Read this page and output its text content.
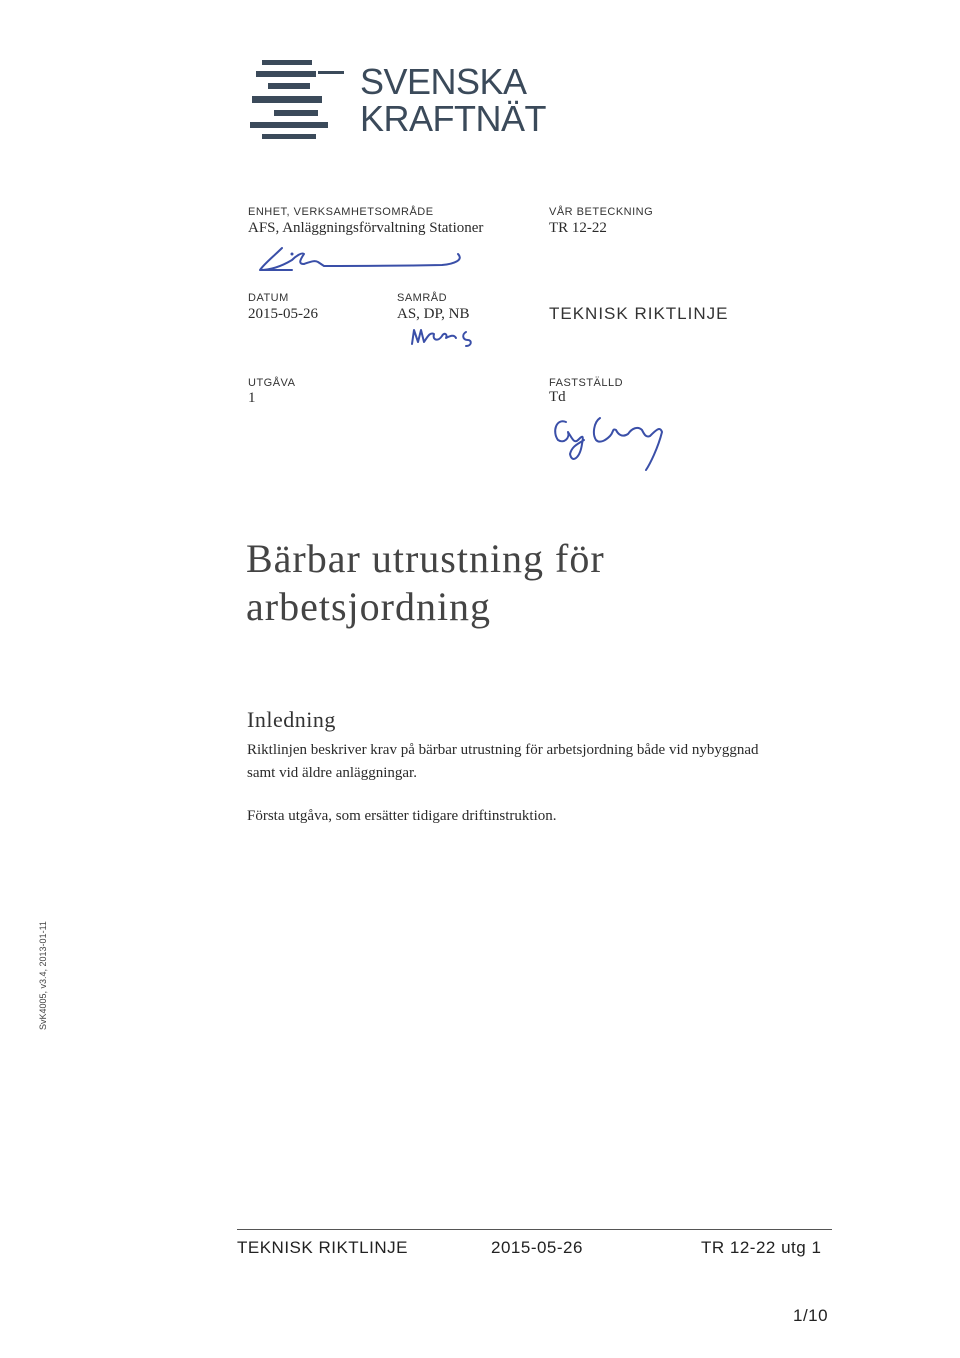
SVENSKA
KRAFTNÄT
ENHET, VERKSAMHETSOMRÅDE
AFS, Anläggningsförvaltning Stationer
VÅR BETECKNING
TR 12-22
DATUM
2015-05-26
SAMRÅD
AS, DP, NB	TEKNISK RIKTLINJE
UTGÅVA
1
FASTSTÄLLD
Td
Bärbar utrustning för
arbetsjordning
Inledning
Riktlinjen beskriver krav på bärbar utrustning för arbetsjordning både vid nybyggnad
samt vid äldre anläggningar.
Första utgåva, som ersätter tidigare driftinstruktion.
SvK4005, v3.4, 2013-01-11
TEKNISK RIKTLINJE	2015-05-26	TR 12-22 utg 1
1/10
